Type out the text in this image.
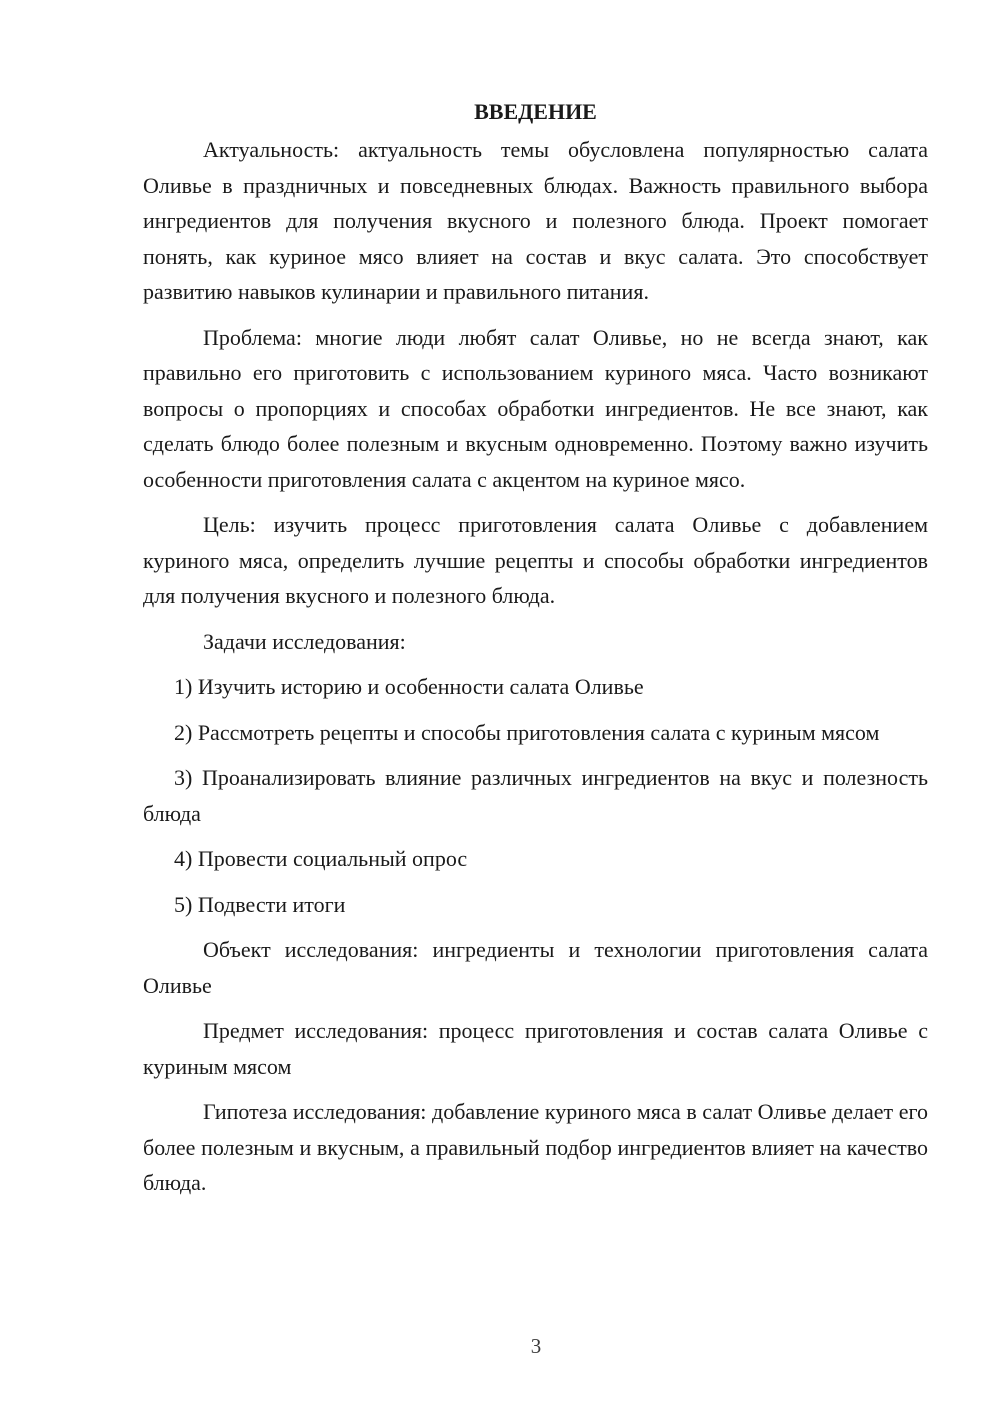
ВВЕДЕНИЕ

Актуальность: актуальность темы обусловлена популярностью салата Оливье в праздничных и повседневных блюдах. Важность правильного выбора ингредиентов для получения вкусного и полезного блюда. Проект помогает понять, как куриное мясо влияет на состав и вкус салата. Это способствует развитию навыков кулинарии и правильного питания.

Проблема: многие люди любят салат Оливье, но не всегда знают, как правильно его приготовить с использованием куриного мяса. Часто возникают вопросы о пропорциях и способах обработки ингредиентов. Не все знают, как сделать блюдо более полезным и вкусным одновременно. Поэтому важно изучить особенности приготовления салата с акцентом на куриное мясо.

Цель: изучить процесс приготовления салата Оливье с добавлением куриного мяса, определить лучшие рецепты и способы обработки ингредиентов для получения вкусного и полезного блюда.

Задачи исследования:

1) Изучить историю и особенности салата Оливье

2) Рассмотреть рецепты и способы приготовления салата с куриным мясом

3) Проанализировать влияние различных ингредиентов на вкус и полезность блюда

4) Провести социальный опрос

5) Подвести итоги

Объект исследования: ингредиенты и технологии приготовления салата Оливье

Предмет исследования: процесс приготовления и состав салата Оливье с куриным мясом

Гипотеза исследования: добавление куриного мяса в салат Оливье делает его более полезным и вкусным, а правильный подбор ингредиентов влияет на качество блюда.

3
